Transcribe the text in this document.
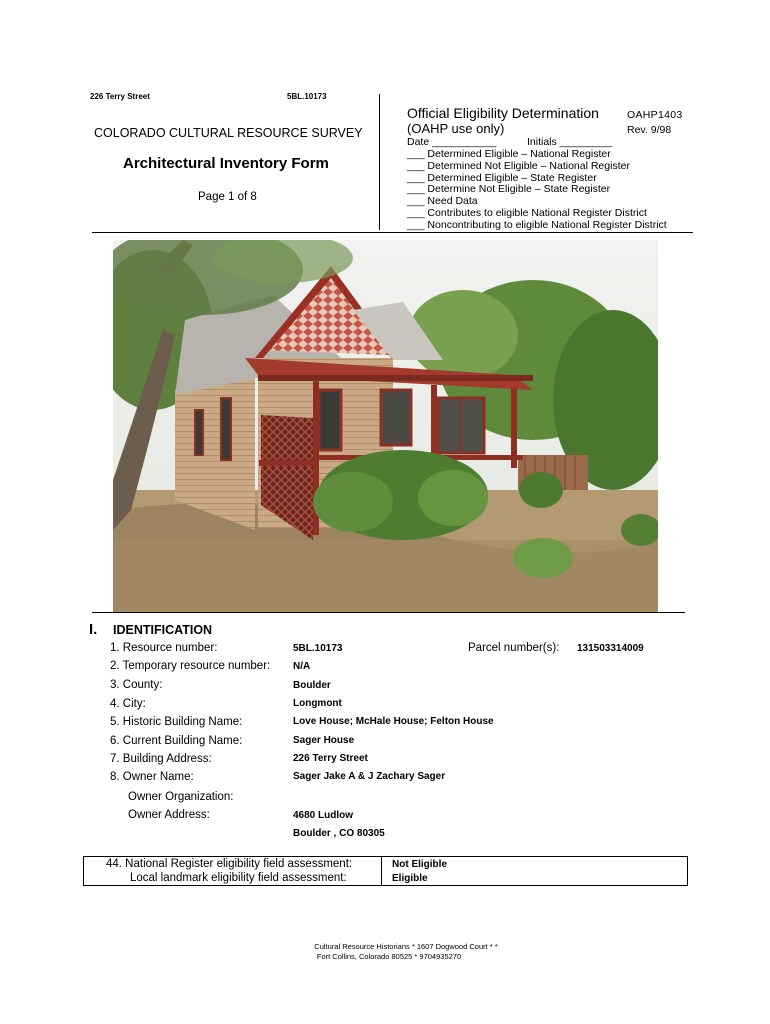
226 Terry Street	5BL.10173
COLORADO CULTURAL RESOURCE SURVEY
Architectural Inventory Form
Page 1 of 8
Official Eligibility Determination	OAHP1403
(OAHP use only)	Rev. 9/98
Date ___________	Initials _________
___ Determined Eligible – National Register
___ Determined Not Eligible – National Register
___ Determined Eligible – State Register
___ Determine Not Eligible – State Register
___ Need Data
___ Contributes to eligible National Register District
___ Noncontributing to eligible National Register District
I. IDENTIFICATION
1. Resource number:	5BL.10173	Parcel number(s): 131503314009
2. Temporary resource number: N/A
3. County:	Boulder
4. City:	Longmont
5. Historic Building Name:	Love House; McHale House; Felton House
6. Current Building Name:	Sager House
7. Building Address:	226 Terry Street
8. Owner Name:	Sager Jake A & J Zachary Sager
Owner Organization:
Owner Address:	4680 Ludlow
Boulder , CO 80305
44. National Register eligibility field assessment:	Not Eligible
Local landmark eligibility field assessment:	Eligible
Cultural Resource Historians * 1607 Dogwood Court * *
Fort Collins, Colorado 80525 * 9704935270
